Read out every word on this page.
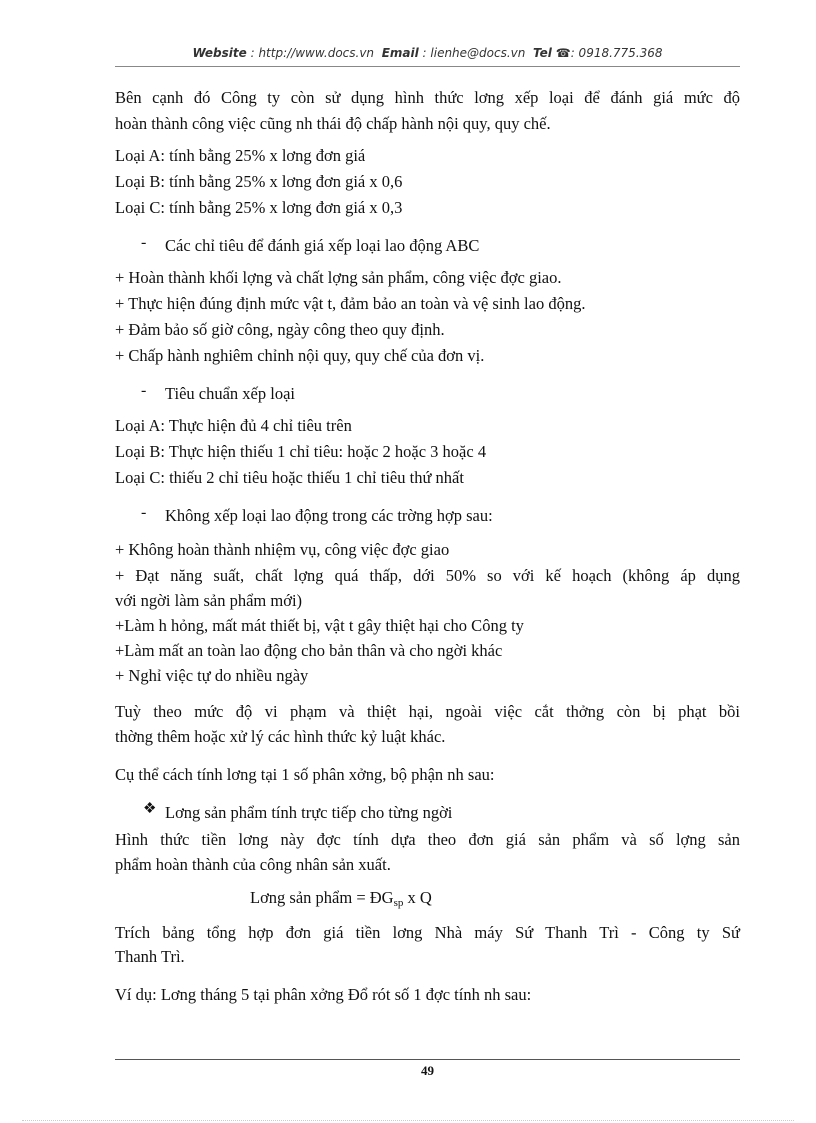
Website : http://www.docs.vn Email : lienhe@docs.vn Tel ☎: 0918.775.368
Bên cạnh đó Công ty còn sử dụng hình thức lơng xếp loại để đánh giá mức độ
hoàn thành công việc cũng nh thái độ chấp hành nội quy, quy chế.
Loại A: tính bằng 25% x lơng đơn giá
Loại B: tính bằng 25% x lơng đơn giá x 0,6
Loại C: tính bằng 25% x lơng đơn giá x 0,3
- Các chỉ tiêu để đánh giá xếp loại lao động ABC
+ Hoàn thành khối lợng và chất lợng sản phẩm, công việc đợc giao.
+ Thực hiện đúng định mức vật t, đảm bảo an toàn và vệ sinh lao động.
+ Đảm bảo số giờ công, ngày công theo quy định.
+ Chấp hành nghiêm chỉnh nội quy, quy chế của đơn vị.
- Tiêu chuẩn xếp loại
Loại A: Thực hiện đủ 4 chỉ tiêu trên
Loại B: Thực hiện thiếu 1 chỉ tiêu: hoặc 2 hoặc 3 hoặc 4
Loại C: thiếu 2 chỉ tiêu hoặc thiếu 1 chỉ tiêu thứ nhất
- Không xếp loại lao động trong các trờng hợp sau:
+ Không hoàn thành nhiệm vụ, công việc đợc giao
+ Đạt năng suất, chất lợng quá thấp, dới 50% so với kế hoạch (không áp dụng
với ngời làm sản phẩm mới)
+Làm h hỏng, mất mát thiết bị, vật t gây thiệt hại cho Công ty
+Làm mất an toàn lao động cho bản thân và cho ngời khác
+ Nghỉ việc tự do nhiều ngày
Tuỳ theo mức độ vi phạm và thiệt hại, ngoài việc cắt thởng còn bị phạt bồi
thờng thêm hoặc xử lý các hình thức kỷ luật khác.
Cụ thể cách tính lơng tại 1 số phân xởng, bộ phận nh sau:
❖ Lơng sản phẩm tính trực tiếp cho từng ngời
Hình thức tiền lơng này đợc tính dựa theo đơn giá sản phẩm và số lợng sản
phẩm hoàn thành của công nhân sản xuất.
Lơng sản phẩm = $ĐG_{sp}$ x Q
Trích bảng tổng hợp đơn giá tiền lơng Nhà máy Sứ Thanh Trì - Công ty Sứ
Thanh Trì.
Ví dụ: Lơng tháng 5 tại phân xởng Đổ rót số 1 đợc tính nh sau:
49
